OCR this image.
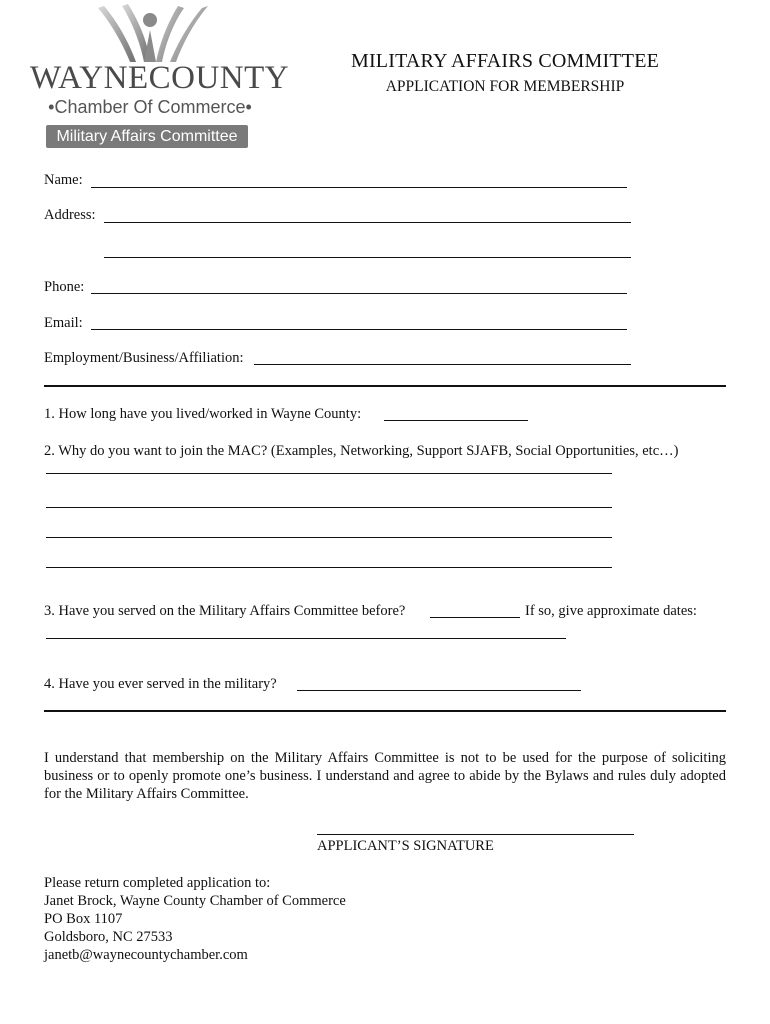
WAYNECOUNTY
•Chamber Of Commerce•
Military Affairs Committee
MILITARY AFFAIRS COMMITTEE
APPLICATION FOR MEMBERSHIP
Name:
Address:
Phone:
Email:
Employment/Business/Affiliation:
1. How long have you lived/worked in Wayne County:
2. Why do you want to join the MAC? (Examples, Networking, Support SJAFB, Social Opportunities, etc…)
3. Have you served on the Military Affairs Committee before?	If so, give approximate dates:
4. Have you ever served in the military?
I understand that membership on the Military Affairs Committee is not to be used for the purpose of soliciting business or to openly promote one’s business. I understand and agree to abide by the Bylaws and rules duly adopted for the Military Affairs Committee.
APPLICANT’S SIGNATURE
Please return completed application to:
Janet Brock, Wayne County Chamber of Commerce
PO Box 1107
Goldsboro, NC 27533
janetb@waynecountychamber.com
